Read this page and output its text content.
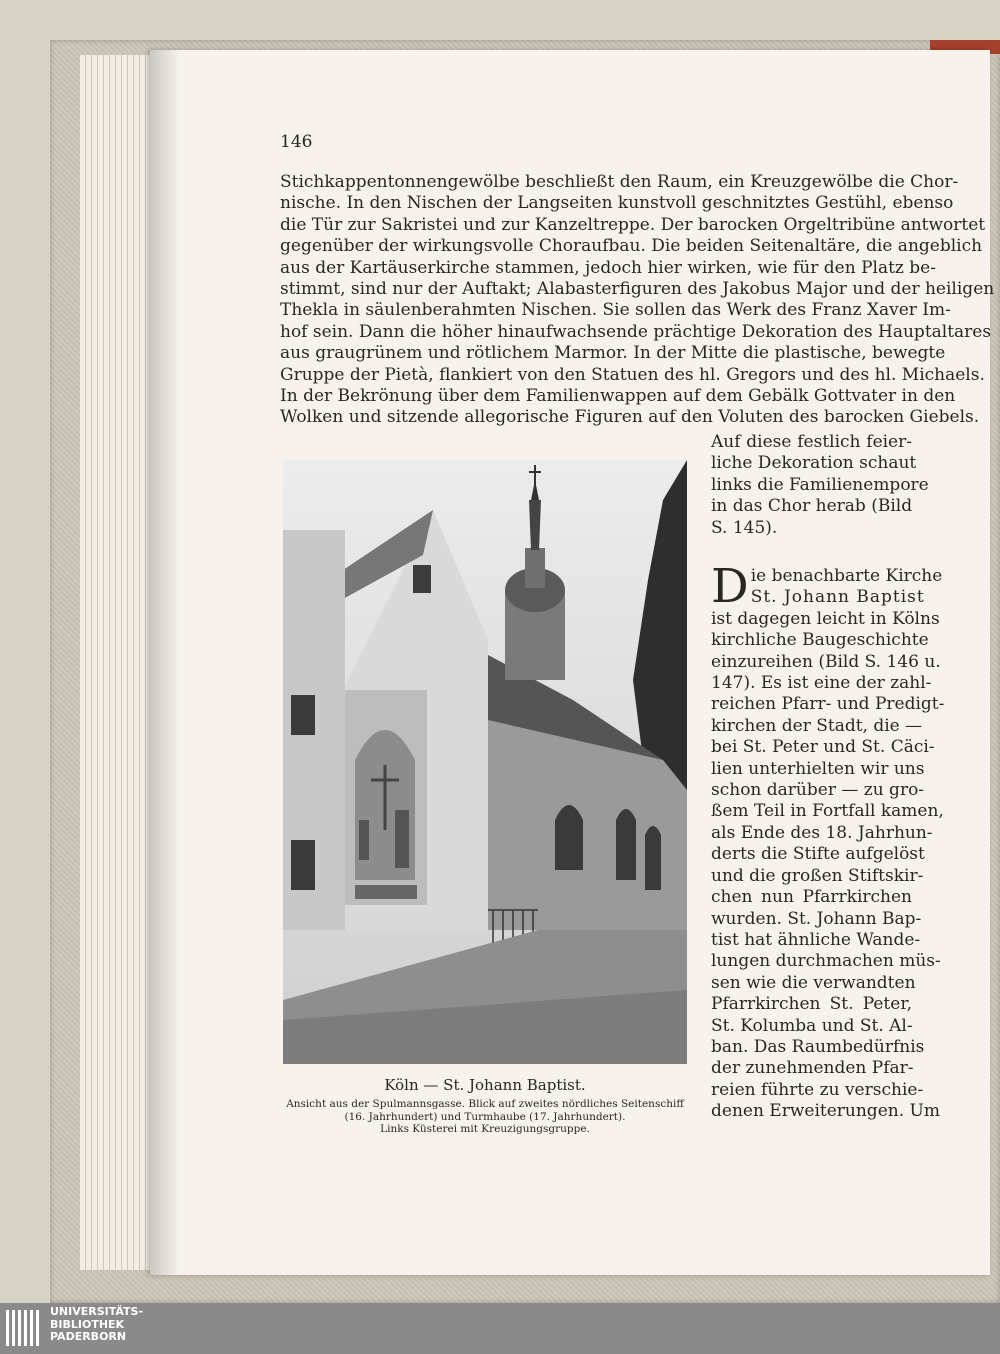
146

Stichkappentonnengewölbe beschließt den Raum, ein Kreuzgewölbe die Chor-
nische. In den Nischen der Langseiten kunstvoll geschnitztes Gestühl, ebenso
die Tür zur Sakristei und zur Kanzeltreppe. Der barocken Orgeltribüne antwortet
gegenüber der wirkungsvolle Choraufbau. Die beiden Seitenaltäre, die angeblich
aus der Kartäuserkirche stammen, jedoch hier wirken, wie für den Platz be-
stimmt, sind nur der Auftakt; Alabasterfiguren des Jakobus Major und der heiligen
Thekla in säulenberahmten Nischen. Sie sollen das Werk des Franz Xaver Im-
hof sein. Dann die höher hinaufwachsende prächtige Dekoration des Hauptaltares
aus graugrünem und rötlichem Marmor. In der Mitte die plastische, bewegte
Gruppe der Pietà, flankiert von den Statuen des hl. Gregors und des hl. Michaels.
In der Bekrönung über dem Familienwappen auf dem Gebälk Gottvater in den
Wolken und sitzende allegorische Figuren auf den Voluten des barocken Giebels.

Auf diese festlich feier-
liche Dekoration schaut
links die Familienempore
in das Chor herab (Bild
S. 145).

D ie benachbarte Kirche
St. Johann Baptist
ist dagegen leicht in Kölns
kirchliche Baugeschichte
einzureihen (Bild S. 146 u.
147). Es ist eine der zahl-
reichen Pfarr- und Predigt-
kirchen der Stadt, die —
bei St. Peter und St. Cäci-
lien unterhielten wir uns
schon darüber — zu gro-
ßem Teil in Fortfall kamen,
als Ende des 18. Jahrhun-
derts die Stifte aufgelöst
und die großen Stiftskir-
chen nun Pfarrkirchen
wurden. St. Johann Bap-
tist hat ähnliche Wande-
lungen durchmachen müs-
sen wie die verwandten
Pfarrkirchen St. Peter,
St. Kolumba und St. Al-
ban. Das Raumbedürfnis
der zunehmenden Pfar-
reien führte zu verschie-
denen Erweiterungen. Um
Köln — St. Johann Baptist.
Ansicht aus der Spulmannsgasse. Blick auf zweites nördliches Seitenschiff
(16. Jahrhundert) und Turmhaube (17. Jahrhundert).
Links Küsterei mit Kreuzigungsgruppe.
UNIVERSITÄTS-
BIBLIOTHEK
PADERBORN
